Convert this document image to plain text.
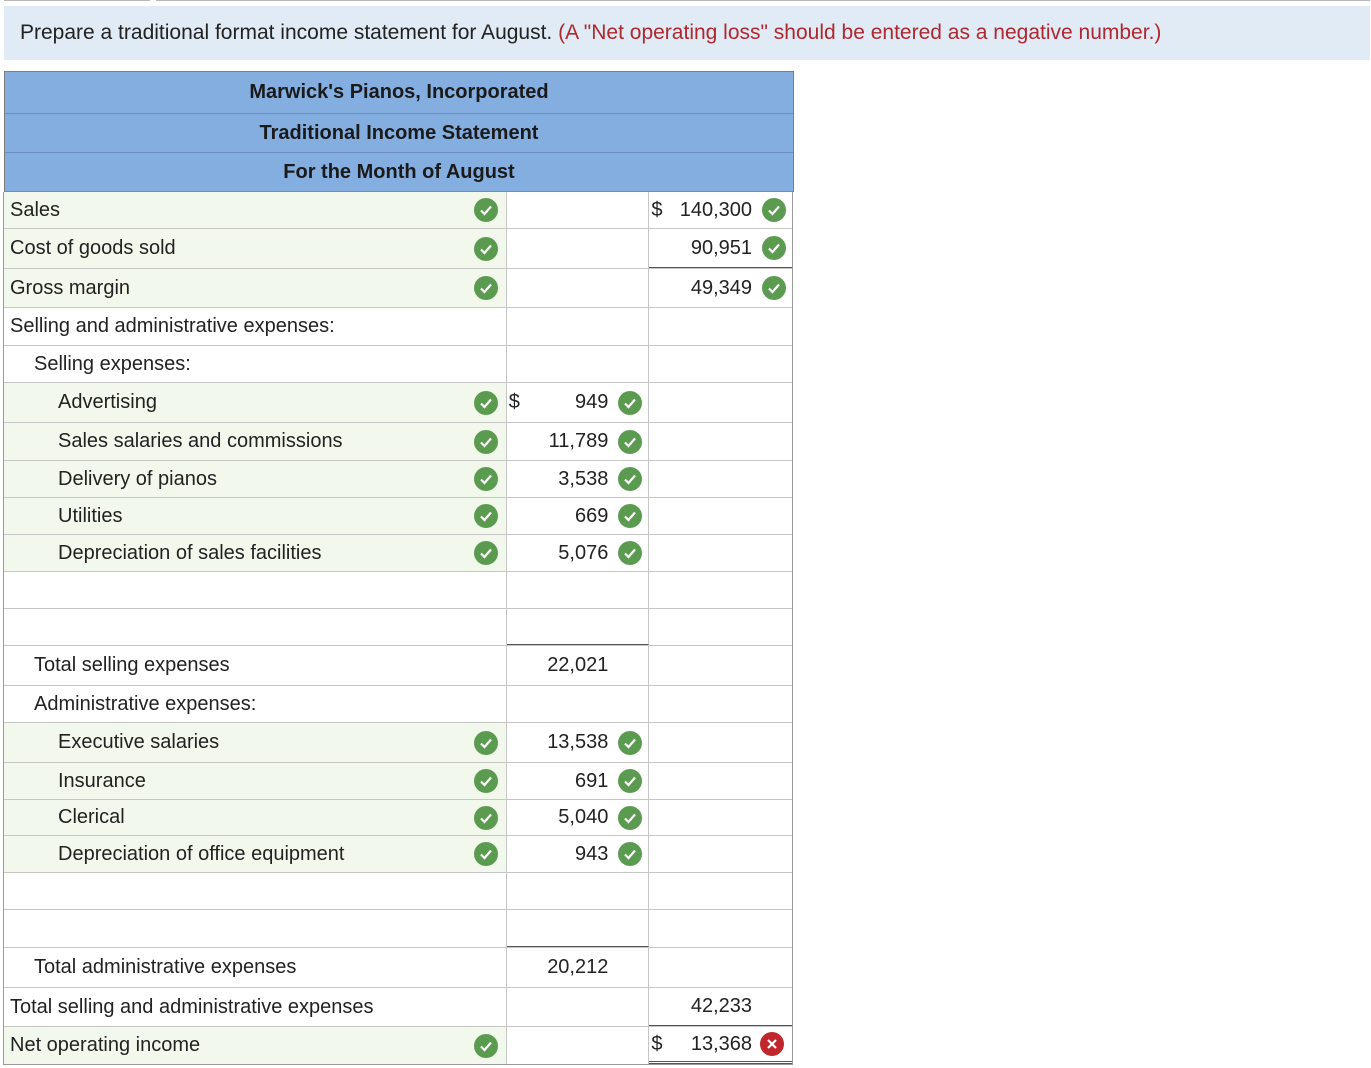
Prepare a traditional format income statement for August. (A "Net operating loss" should be entered as a negative number.)
Marwick's Pianos, Incorporated
Traditional Income Statement
For the Month of August
Sales	$ 140,300
Cost of goods sold	90,951
Gross margin	49,349
Selling and administrative expenses:
Selling expenses:
Advertising	$	949
Sales salaries and commissions	11,789
Delivery of pianos	3,538
Utilities	669
Depreciation of sales facilities	5,076
Total selling expenses	22,021
Administrative expenses:
Executive salaries	13,538
Insurance	691
Clerical	5,040
Depreciation of office equipment	943
Total administrative expenses	20,212
Total selling and administrative expenses	42,233
Net operating income	$ 13,368
